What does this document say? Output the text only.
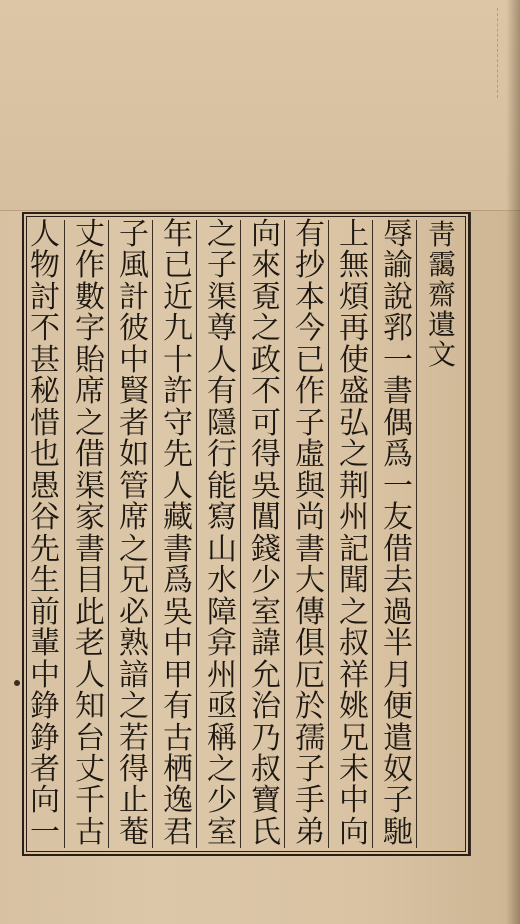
靑
靄
齋
遺
文
辱
諭
說
郛
一
書
偶
爲
一
友
借
去
過
半
月
便
遣
奴
子
馳
上
無
煩
再
使
盛
弘
之
荆
州
記
聞
之
叔
祥
姚
兄
未
中
向
有
抄
本
今
已
作
子
虛
與
尚
書
大
傳
俱
厄
於
孺
子
手
弟
向
來
覔
之
政
不
可
得
吳
閶
錢
少
室
諱
允
治
乃
叔
寶
氏
之
子
渠
尊
人
有
隱
行
能
寫
山
水
障
弇
州
亟
稱
之
少
室
年
已
近
九
十
許
守
先
人
藏
書
爲
吳
中
甲
有
古
栖
逸
君
子
風
計
彼
中
賢
者
如
管
席
之
兄
必
熟
諳
之
若
得
止
菴
丈
作
數
字
貽
席
之
借
渠
家
書
目
此
老
人
知
台
丈
千
古
人
物
討
不
甚
秘
惜
也
愚
谷
先
生
前
輩
中
錚
錚
者
向
一
